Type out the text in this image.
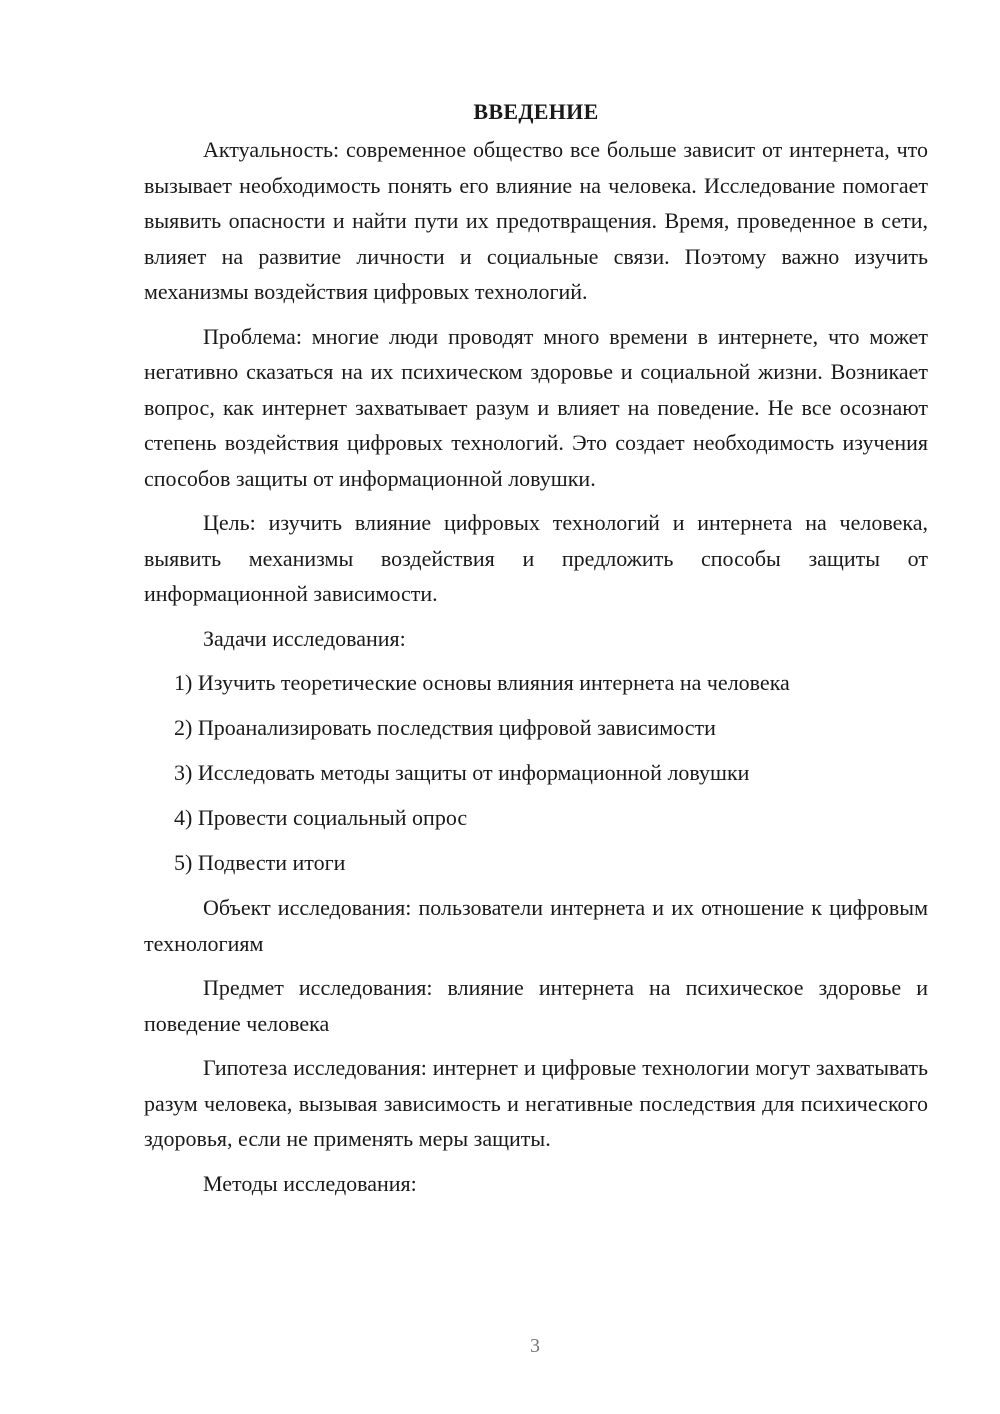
ВВЕДЕНИЕ

Актуальность: современное общество все больше зависит от интернета, что вызывает необходимость понять его влияние на человека. Исследование помогает выявить опасности и найти пути их предотвращения. Время, проведенное в сети, влияет на развитие личности и социальные связи. Поэтому важно изучить механизмы воздействия цифровых технологий.

Проблема: многие люди проводят много времени в интернете, что может негативно сказаться на их психическом здоровье и социальной жизни. Возникает вопрос, как интернет захватывает разум и влияет на поведение. Не все осознают степень воздействия цифровых технологий. Это создает необходимость изучения способов защиты от информационной ловушки.

Цель: изучить влияние цифровых технологий и интернета на человека, выявить механизмы воздействия и предложить способы защиты от информационной зависимости.

Задачи исследования:

1) Изучить теоретические основы влияния интернета на человека
2) Проанализировать последствия цифровой зависимости
3) Исследовать методы защиты от информационной ловушки
4) Провести социальный опрос
5) Подвести итоги

Объект исследования: пользователи интернета и их отношение к цифровым технологиям

Предмет исследования: влияние интернета на психическое здоровье и поведение человека

Гипотеза исследования: интернет и цифровые технологии могут захватывать разум человека, вызывая зависимость и негативные последствия для психического здоровья, если не применять меры защиты.

Методы исследования:

3
